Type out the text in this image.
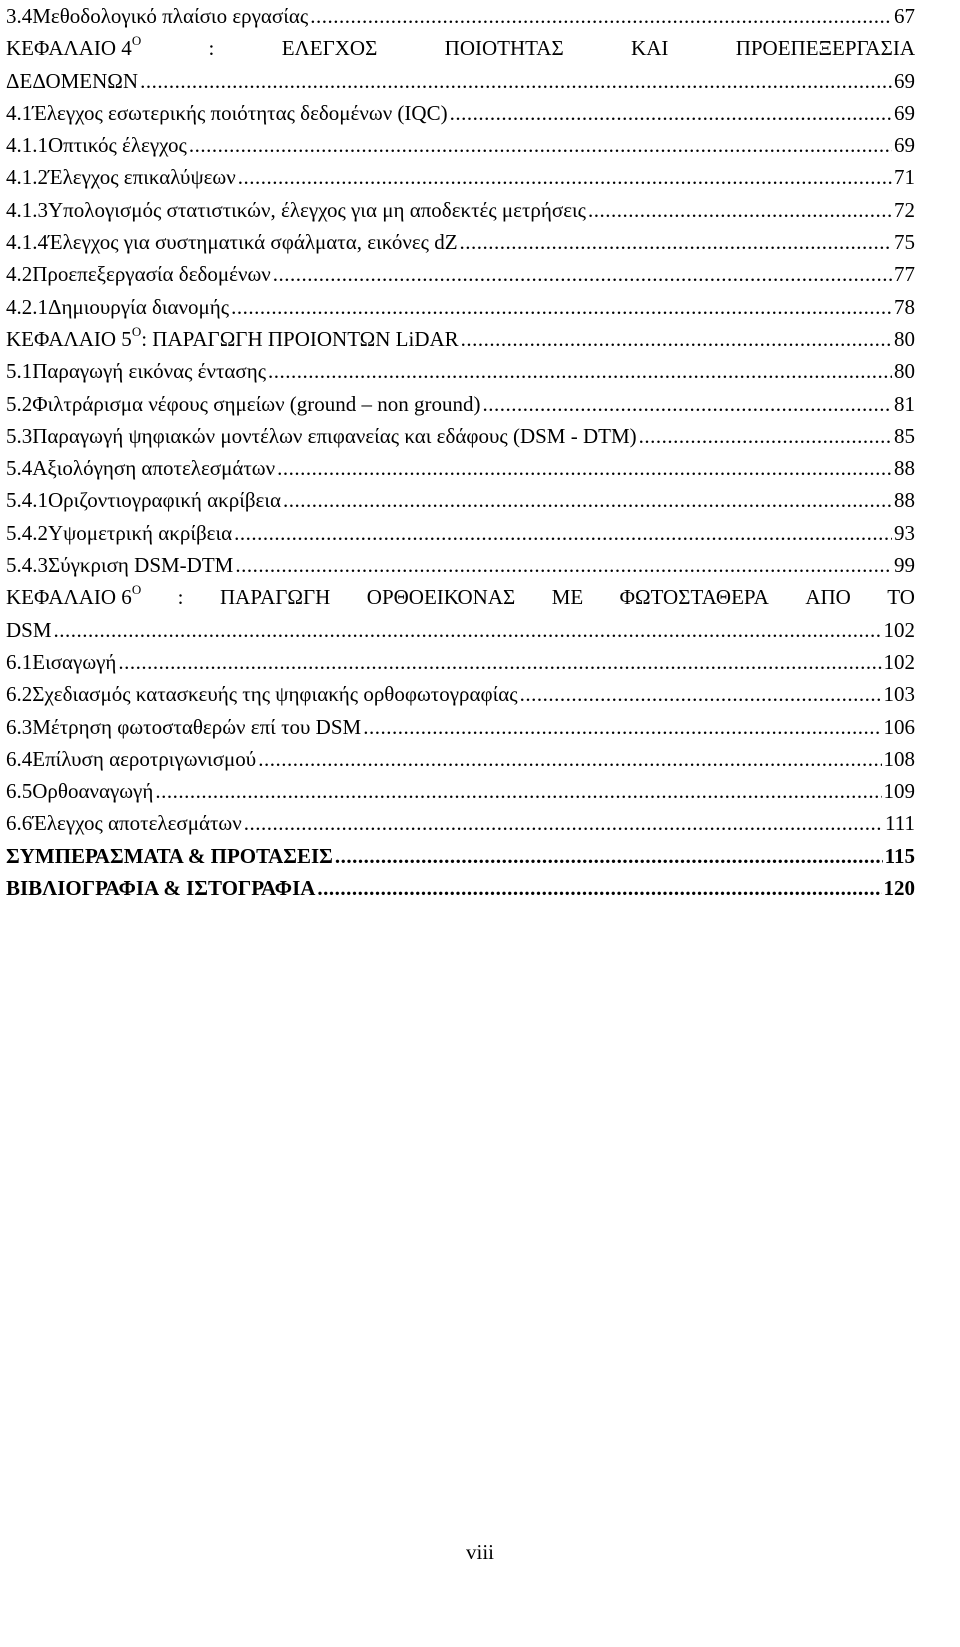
3.4 Μεθοδολογικό πλαίσιο εργασίας .....	67
ΚΕΦΑΛΑΙΟ $4^O$	:	ΕΛΕΓΧΟΣ	ΠΟΙΟΤΗΤΑΣ	ΚΑΙ	ΠΡΟΕΠΕΞΕΡΓΑΣΙΑ
ΔΕΔΟΜΕΝΩΝ .....	69
4.1 Έλεγχος εσωτερικής ποιότητας δεδομένων (IQC) .....	69
4.1.1 Οπτικός έλεγχος .....	69
4.1.2 Έλεγχος επικαλύψεων .....	71
4.1.3 Υπολογισμός στατιστικών, έλεγχος για μη αποδεκτές μετρήσεις .....	72
4.1.4 Έλεγχος για συστηματικά σφάλματα, εικόνες dZ .....	75
4.2 Προεπεξεργασία δεδομένων .....	77
4.2.1 Δημιουργία διανομής .....	78
ΚΕΦΑΛΑΙΟ $5^O$: ΠΑΡΑΓΩΓΗ ΠΡΟΙΟΝΤΩΝ LiDAR .....	80
5.1 Παραγωγή εικόνας έντασης .....	80
5.2 Φιλτράρισμα νέφους σημείων (ground – non ground) .....	81
5.3 Παραγωγή ψηφιακών μοντέλων επιφανείας και εδάφους (DSM - DTM) .....	85
5.4 Αξιολόγηση αποτελεσμάτων .....	88
5.4.1 Οριζοντιογραφική ακρίβεια .....	88
5.4.2 Υψομετρική ακρίβεια .....	93
5.4.3 Σύγκριση DSM-DTM .....	99
ΚΕΦΑΛΑΙΟ $6^O$ : ΠΑΡΑΓΩΓΗ ΟΡΘΟΕΙΚΟΝΑΣ ΜΕ ΦΩΤΟΣΤΑΘΕΡΑ ΑΠΟ ΤΟ
DSM .....	102
6.1 Εισαγωγή .....	102
6.2 Σχεδιασμός κατασκευής της ψηφιακής ορθοφωτογραφίας .....	103
6.3 Μέτρηση φωτοσταθερών επί του DSM .....	106
6.4 Επίλυση αεροτριγωνισμού .....	108
6.5 Ορθοαναγωγή .....	109
6.6 Έλεγχος αποτελεσμάτων .....	111
ΣΥΜΠΕΡΑΣΜΑΤΑ & ΠΡΟΤΑΣΕΙΣ .....	115
ΒΙΒΛΙΟΓΡΑΦΙΑ & ΙΣΤΟΓΡΑΦΙΑ .....	120
viii
